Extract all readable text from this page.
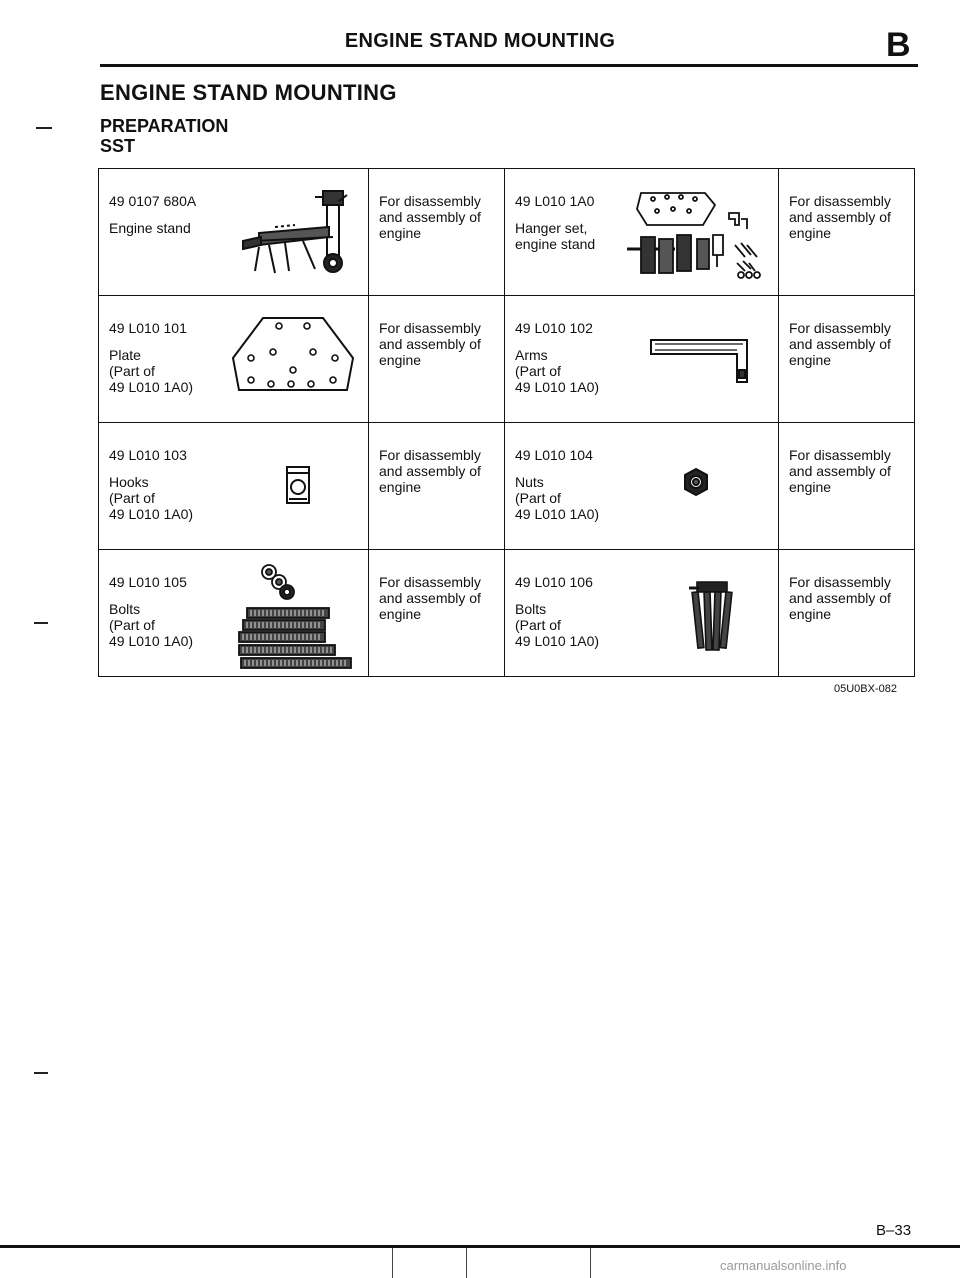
ENGINE STAND MOUNTING	B
ENGINE STAND MOUNTING
PREPARATION
SST
49 0107 680A
Engine stand	For disassembly
and assembly of
engine	49 L010 1A0
Hanger set,
engine stand	For disassembly
and assembly of
engine

49 L010 101
Plate
(Part of
49 L010 1A0)	For disassembly
and assembly of
engine	49 L010 102
Arms
(Part of
49 L010 1A0)	For disassembly
and assembly of
engine

49 L010 103
Hooks
(Part of
49 L010 1A0)	For disassembly
and assembly of
engine	49 L010 104
Nuts
(Part of
49 L010 1A0)	For disassembly
and assembly of
engine

49 L010 105
Bolts
(Part of
49 L010 1A0)	For disassembly
and assembly of
engine	49 L010 106
Bolts
(Part of
49 L010 1A0)	For disassembly
and assembly of
engine
05U0BX-082
B–33
carmanualsonline.info
